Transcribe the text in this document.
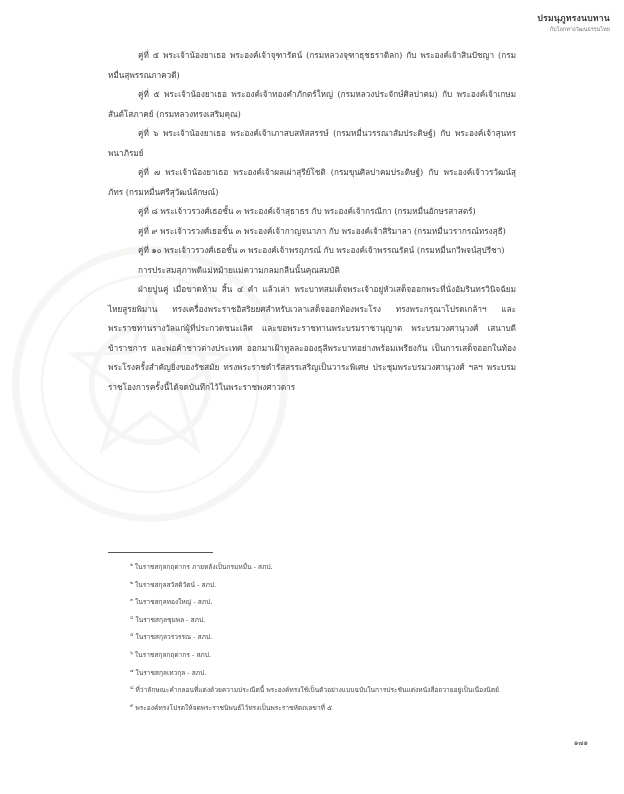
ปรมนุภูทรงนบทาน
กับโลกทางวัฒนธรรมไทย
คู่ที่ ๕ พระเจ้าน้องยาเธอ พระองค์เจ้าจุฑารัตน์ (กรมหลวงจุฑาธุชธราดิลก) กับ พระองค์เจ้าสินปัชญา (กรมหมื่นสุพรรณภาควดี)
คู่ที่ ๕ พระเจ้าน้องยาเธอ พระองค์เจ้าทองคำภักตร์ใหญ่ (กรมหลวงประจักษ์ศิลปาคม) กับ พระองค์เจ้าเกษมสันต์โสภาคย์ (กรมหลวงทรงเสริมคุณ)
คู่ที่ ๖ พระเจ้าน้องยาเธอ พระองค์เจ้าเภาสบสหัสสรรษ์ (กรมหมื่นวรรณาสัมประดิษฐ์) กับ พระองค์เจ้าสุนทรพนาภิรมย์
คู่ที่ ๗ พระเจ้าน้องยาเธอ พระองค์เจ้าผลเผ่าสุรีย์โชติ (กรมขุนศิลปาคมประดิษฐ์) กับ พระองค์เจ้าวรวัฒน์สุภัทร (กรมหมื่นศรีสุวัฒน์ลักษณ์)
คู่ที่ ๘ พระเจ้าวรวงศ์เธอชั้น ๓ พระองค์เจ้าสุธาธร กับ พระองค์เจ้ากรณีกา (กรมหมื่นอักษรสาสตร์)
คู่ที่ ๙ พระเจ้าวรวงศ์เธอชั้น ๓ พระองค์เจ้ากาญจนาภา กับ พระองค์เจ้าสิริมาลา (กรมหมื่นวรากรณ์ทรงสุธี)
คู่ที่ ๑๐ พระเจ้าวรวงศ์เธอชั้น ๓ พระองค์เจ้าพรฤุภรณ์ กับ พระองค์เจ้าพรรณรัตน์ (กรมหมื่นกวีพจน์สุปรีชา)
การประสมสุภาพดีแม่หม้ายแม่ความกลมกลืนนั้นคุณสมบัติ
ฝ่ายปูนคู่ เมื่อขาดห้าม สิ้น ๔ คำ แล้วเล่า พระบาทสมเด็จพระเจ้าอยู่หัวเสด็จออกพระที่นั่งอัมรินทรวินิจฉัยมไหยสูรยพิมาน ทรงเครื่องพระราชอิสริยยศสำหรับเวลาเสด็จออกท้องพระโรง ทรงพระกรุณาโปรดเกล้าฯ และพระราชทานรางวัลแก่ผู้ที่ประกวดชนะเลิศ และขอพระราชทานพระบรมราชานุญาต พระบรมวงศานุวงศ์ เสนาบดี ข้าราชการ และพ่อค้าชาวต่างประเทศ ออกมาเฝ้าทูลละอองธุลีพระบาทอย่างพร้อมเพรียงกัน เป็นการเสด็จออกในท้องพระโรงครั้งสำคัญยิ่งของรัชสมัย ทรงพระราชดำรัสสรรเสริญเป็นวาระพิเศษ ประชุมพระบรมวงศานุวงศ์ ฯลฯ พระบรมราชโองการครั้งนี้ได้จดบันทึกไว้ในพระราชพงศาวดาร
$^๑$ ในราชสกุลกฤดากร ภายหลังเป็นกรมหมื่น - สภป.
$^๒$ ในราชสกุลสวัสดิวัตน์ - สภป.
$^๓$ ในราชสกุลทองใหญ่ - สภป.
$^๔$ ในราชสกุลชุมพล - สภป.
$^๕$ ในราชสกุลวรวรรณ - สภป.
$^๖$ ในราชสกุลกฤดากร - สภป.
$^๗$ ในราชสกุลเทวกุล - สภป.
$^๘$ ที่ว่าลักษณะคำกลอนที่แต่งด้วยความประณีตนี้ พระองค์ทรงใช้เป็นตัวอย่างแบบฉบับในการประชันแต่งหนังสือถวายอยู่เป็นเนืองนิตย์
$^๙$ พระองค์ทรงโปรดให้จดพระราชนิพนธ์ไว้ทรงเป็นพระราชหัตถเลขาที่ ๕
๑๗๑
